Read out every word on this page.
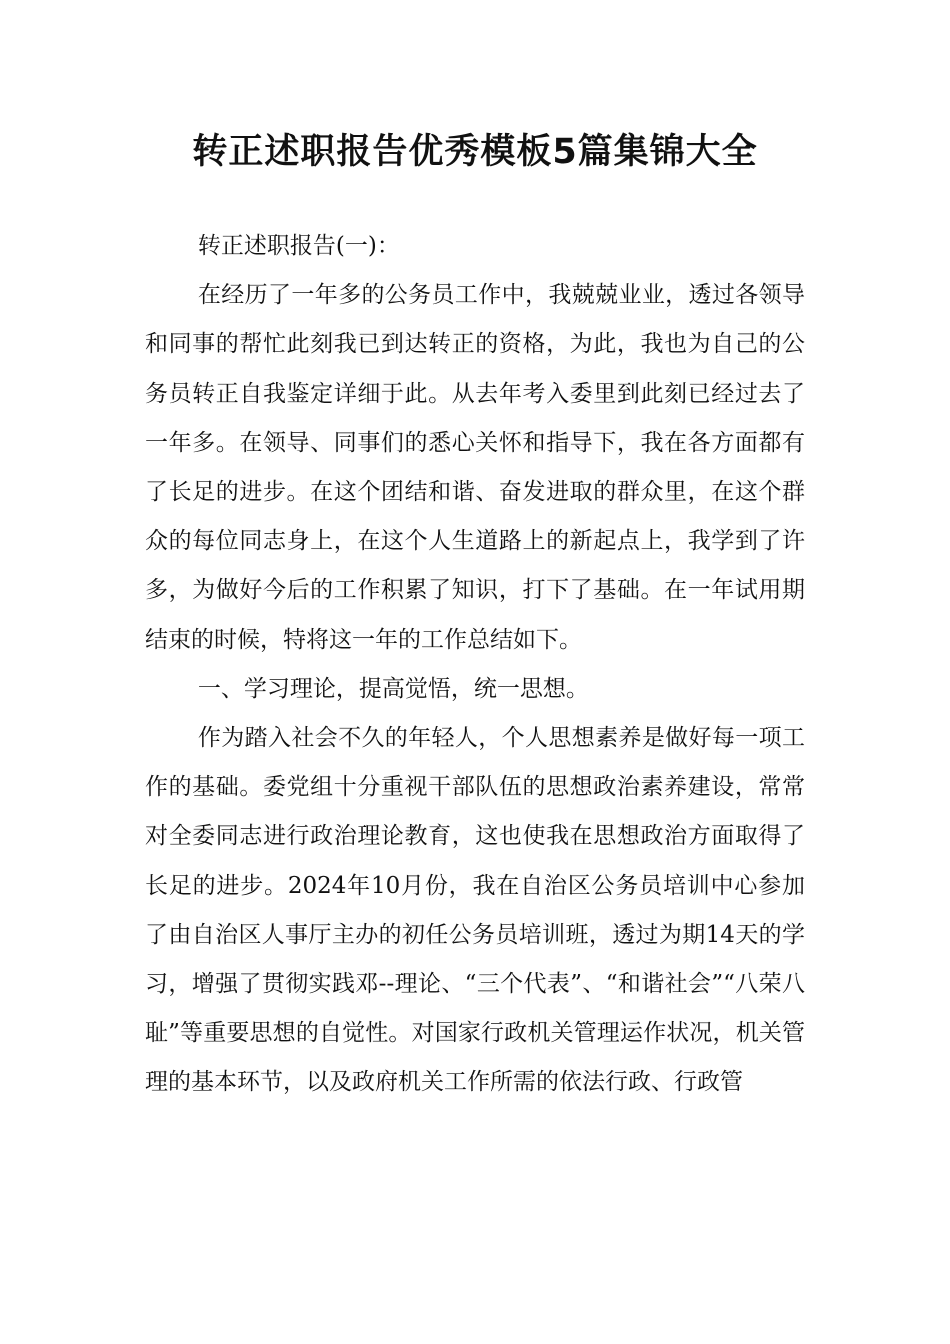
转正述职报告优秀模板5篇集锦大全

转正述职报告(一)：

在经历了一年多的公务员工作中，我兢兢业业，透过各领导和同事的帮忙此刻我已到达转正的资格，为此，我也为自己的公务员转正自我鉴定详细于此。从去年考入委里到此刻已经过去了一年多。在领导、同事们的悉心关怀和指导下，我在各方面都有了长足的进步。在这个团结和谐、奋发进取的群众里，在这个群众的每位同志身上，在这个人生道路上的新起点上，我学到了许多，为做好今后的工作积累了知识，打下了基础。在一年试用期结束的时候，特将这一年的工作总结如下。

一、学习理论，提高觉悟，统一思想。

作为踏入社会不久的年轻人，个人思想素养是做好每一项工作的基础。委党组十分重视干部队伍的思想政治素养建设，常常对全委同志进行政治理论教育，这也使我在思想政治方面取得了长足的进步。2024年10月份，我在自治区公务员培训中心参加了由自治区人事厅主办的初任公务员培训班，透过为期14天的学习，增强了贯彻实践邓--理论、“三个代表”、“和谐社会”“八荣八耻”等重要思想的自觉性。对国家行政机关管理运作状况，机关管理的基本环节，以及政府机关工作所需的依法行政、行政管
